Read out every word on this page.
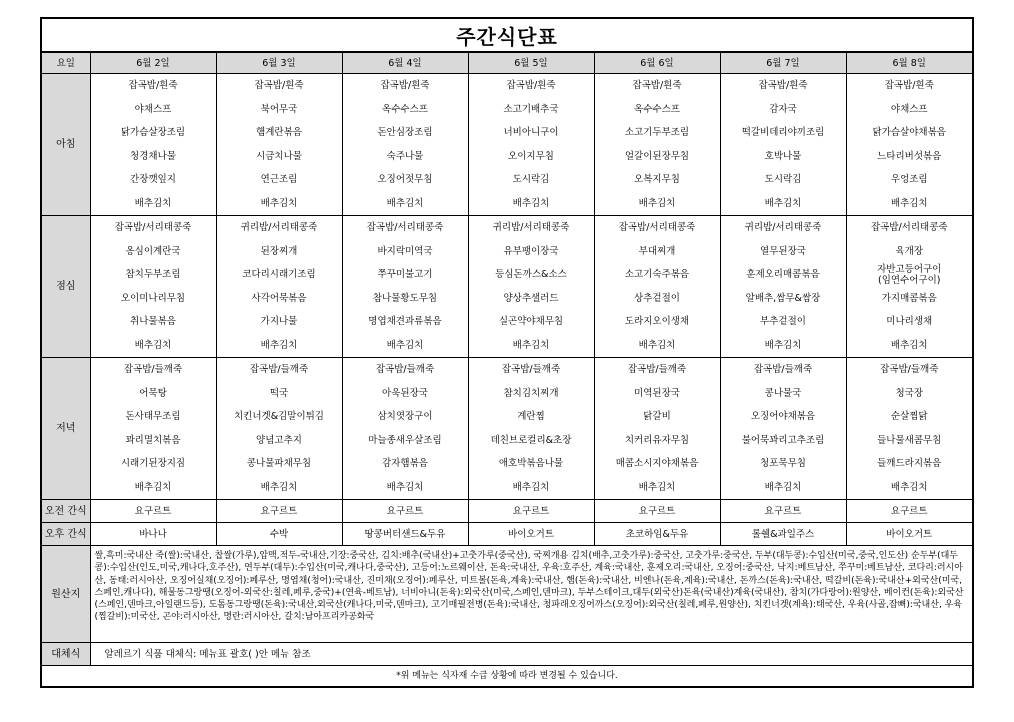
주간식단표
요일	6월 2일	6월 3일	6월 4일	6월 5일	6월 6일	6월 7일	6월 8일
아침	잡곡밥/흰죽	잡곡밥/흰죽	잡곡밥/흰죽	잡곡밥/흰죽	잡곡밥/흰죽	잡곡밥/흰죽	잡곡밥/흰죽
	야채스프	북어무국	옥수수스프	소고기배추국	옥수수스프	감자국	야채스프
	닭가슴살장조림	햄계란볶음	돈안심장조림	너비아니구이	소고기두부조림	떡갈비데리야끼조림	닭가슴살야채볶음
	청경채나물	시금치나물	숙주나물	오이지무침	얼갈이된장무침	호박나물	느타리버섯볶음
	간장깻잎지	연근조림	오징어젓무침	도시락김	오복지무침	도시락김	우엉조림
	배추김치	배추김치	배추김치	배추김치	배추김치	배추김치	배추김치
점심	잡곡밥/서리태콩죽	귀리밥/서리태콩죽	잡곡밥/서리태콩죽	귀리밥/서리태콩죽	잡곡밥/서리태콩죽	귀리밥/서리태콩죽	잡곡밥/서리태콩죽
	옹심이계란국	된장찌개	바지락미역국	유부팽이장국	부대찌개	열무된장국	육개장
	참치두부조림	코다리시래기조림	쭈꾸미불고기	등심돈까스&소스	소고기숙주볶음	훈제오리매콤볶음	자반고등어구이
(임연수어구이)
	오이미나리무침	사각어묵볶음	참나물황도무침	양상추샐러드	상추겉절이	알배추,쌈무&쌈장	가지매콤볶음
	취나물볶음	가지나물	명엽채견과류볶음	실곤약야채무침	도라지오이생채	부추겉절이	미나리생채
	배추김치	배추김치	배추김치	배추김치	배추김치	배추김치	배추김치
저녁	잡곡밥/들깨죽	잡곡밥/들깨죽	잡곡밥/들깨죽	잡곡밥/들깨죽	잡곡밥/들깨죽	잡곡밥/들깨죽	잡곡밥/들깨죽
	어묵탕	떡국	아욱된장국	참치김치찌개	미역된장국	콩나물국	청국장
	돈사태무조림	치킨너겟&김말이튀김	삼치엿장구이	계란찜	닭갈비	오징어야채볶음	순살찜닭
	꽈리멸치볶음	양념고추지	마늘종새우살조림	데친브로컬리&초장	치커리유자무침	불어묵꽈리고추조림	들나물새콤무침
	시래기된장지짐	콩나물파채무침	감자햄볶음	애호박볶음나물	매콤소시지야채볶음	청포묵무침	들깨드라지볶음
	배추김치	배추김치	배추김치	배추김치	배추김치	배추김치	배추김치
오전 간식	요구르트	요구르트	요구르트	요구르트	요구르트	요구르트	요구르트
오후 간식	바나나	수박	땅콩버터샌드&두유	바이오거트	초코하임&두유	롤쉘&과일주스	바이오거트
원산지	쌀,흑미:국내산 죽(쌀):국내산, 찹쌀(가루),압맥,적두-국내산,기장:중국산, 김치:배추(국내산)+고춧가루(중국산), 국찌개용 김치(배추,고춧가루):중국산, 고춧가루:중국산, 두부(대두콩):수입산(미국,중국,인도산) 순두부(대두콩):수입산(인도,미국,캐나다,호주산), 연두부(대두):수입산(미국,캐나다,중국산), 고등어:노르웨이산, 돈육:국내산, 우육:호주산, 계육:국내산, 훈제오리:국내산, 오징어:중국산, 낙지:베트남산, 쭈꾸미:베트남산, 코다리:러시아산, 동태:러시아산, 오징어실채(오징어):페루산, 명엽채(청어):국내산, 진미채(오징어):페루산, 미트볼(돈육,계육):국내산, 햄(돈육):국내산, 비엔나(돈육,계육):국내산, 돈까스(돈육):국내산, 떡갈비(돈육):국내산+외국산(미국,스페인,캐나다), 해물동그랑땡(오징어-외국산:칠레,페루,중국)+(연육-베트남), 너비아니(돈육):외국산(미국,스페인,덴마크), 두부스테이크,대두(외국산)돈육(국내산)계육(국내산), 참치(가다랑어):원양산, 베이컨(돈육):외국산(스페인,덴마크,아일랜드등), 도톰동그랑땡(돈육):국내산,외국산(캐나다,미국,덴마크), 고기매필전병(돈육):국내산, 청파래오징어까스(오징어):외국산(칠레,페루,원양산), 치킨너겟(계육):태국산, 우육(사골,잡뼈):국내산, 우육(찜갈비):미국산, 곤야:러시아산, 명란:러시아산, 갈치:남아프리카공화국						
대체식	알레르기 식품 대체식: 메뉴표 괄호( )안 메뉴 참조						
*위 메뉴는 식자재 수급 상황에 따라 변경될 수 있습니다.							
